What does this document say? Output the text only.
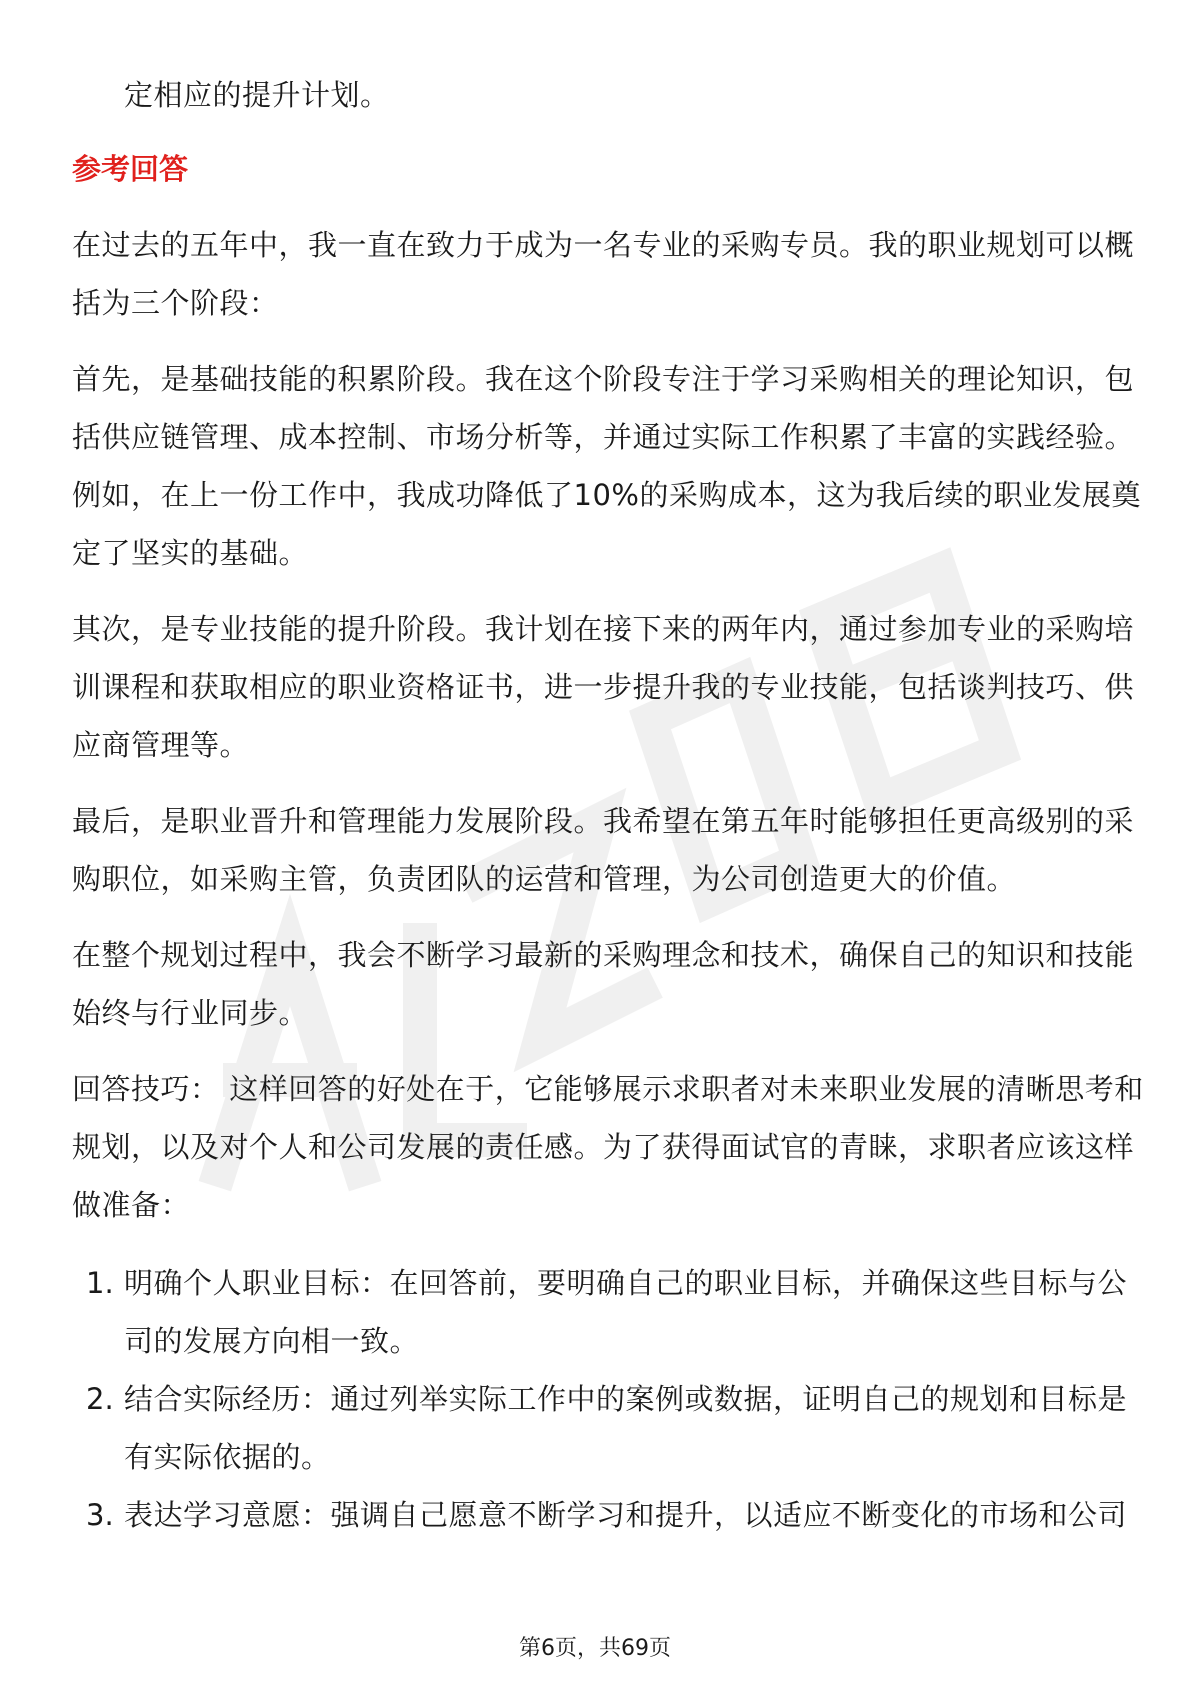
定相应的提升计划。
参考回答
在过去的五年中，我一直在致力于成为一名专业的采购专员。我的职业规划可以概
括为三个阶段：
首先，是基础技能的积累阶段。我在这个阶段专注于学习采购相关的理论知识，包
括供应链管理、成本控制、市场分析等，并通过实际工作积累了丰富的实践经验。
例如，在上一份工作中，我成功降低了10%的采购成本，这为我后续的职业发展奠
定了坚实的基础。
其次，是专业技能的提升阶段。我计划在接下来的两年内，通过参加专业的采购培
训课程和获取相应的职业资格证书，进一步提升我的专业技能，包括谈判技巧、供
应商管理等。
最后，是职业晋升和管理能力发展阶段。我希望在第五年时能够担任更高级别的采
购职位，如采购主管，负责团队的运营和管理，为公司创造更大的价值。
在整个规划过程中，我会不断学习最新的采购理念和技术，确保自己的知识和技能
始终与行业同步。
回答技巧： 这样回答的好处在于，它能够展示求职者对未来职业发展的清晰思考和
规划，以及对个人和公司发展的责任感。为了获得面试官的青睐，求职者应该这样
做准备：
1. 明确个人职业目标：在回答前，要明确自己的职业目标，并确保这些目标与公
司的发展方向相一致。
2. 结合实际经历：通过列举实际工作中的案例或数据，证明自己的规划和目标是
有实际依据的。
3. 表达学习意愿：强调自己愿意不断学习和提升，以适应不断变化的市场和公司
第6页，共69页
